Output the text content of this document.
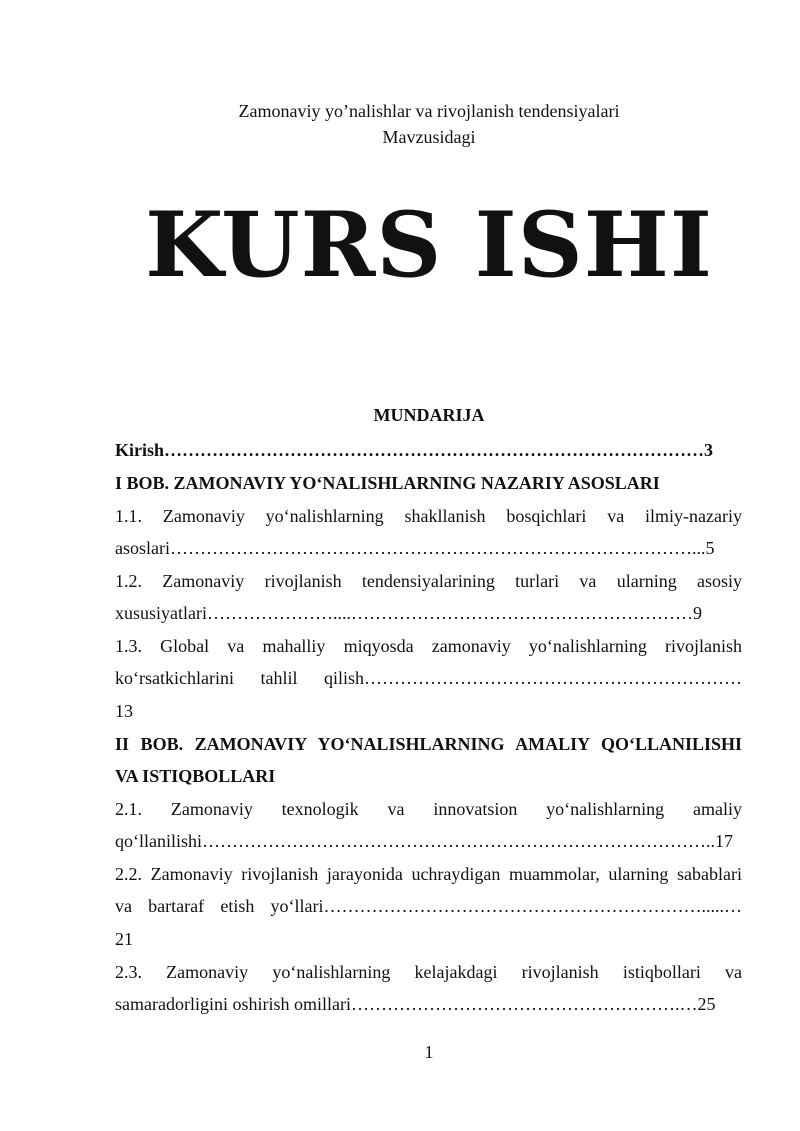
Zamonaviy yo’nalishlar va rivojlanish tendensiyalari
Mavzusidagi
KURS ISHI
MUNDARIJA
Kirish………………………………………………………………………………3
I BOB. ZAMONAVIY YO‘NALISHLARNING NAZARIY ASOSLARI
1.1. Zamonaviy yo‘nalishlarning shakllanish bosqichlari va ilmiy-nazariy
asoslari……………………………………………………………………………...5
1.2. Zamonaviy rivojlanish tendensiyalarining turlari va ularning asosiy
xususiyatlari…………………....…………………………………………………9
1.3. Global va mahalliy miqyosda zamonaviy yo‘nalishlarning rivojlanish
ko‘rsatkichlarini tahlil qilish………………………………………………………
13
II BOB. ZAMONAVIY YO‘NALISHLARNING AMALIY QO‘LLANILISHI
VA ISTIQBOLLARI
2.1. Zamonaviy texnologik va innovatsion yo‘nalishlarning amaliy
qo‘llanilishi…………………………………………………………………………..17
2.2. Zamonaviy rivojlanish jarayonida uchraydigan muammolar, ularning sabablari
va bartaraf etish yo‘llari……………………………………………………….....…
21
2.3. Zamonaviy yo‘nalishlarning kelajakdagi rivojlanish istiqbollari va
samaradorligini oshirish omillari……………………………………………….…25
1
